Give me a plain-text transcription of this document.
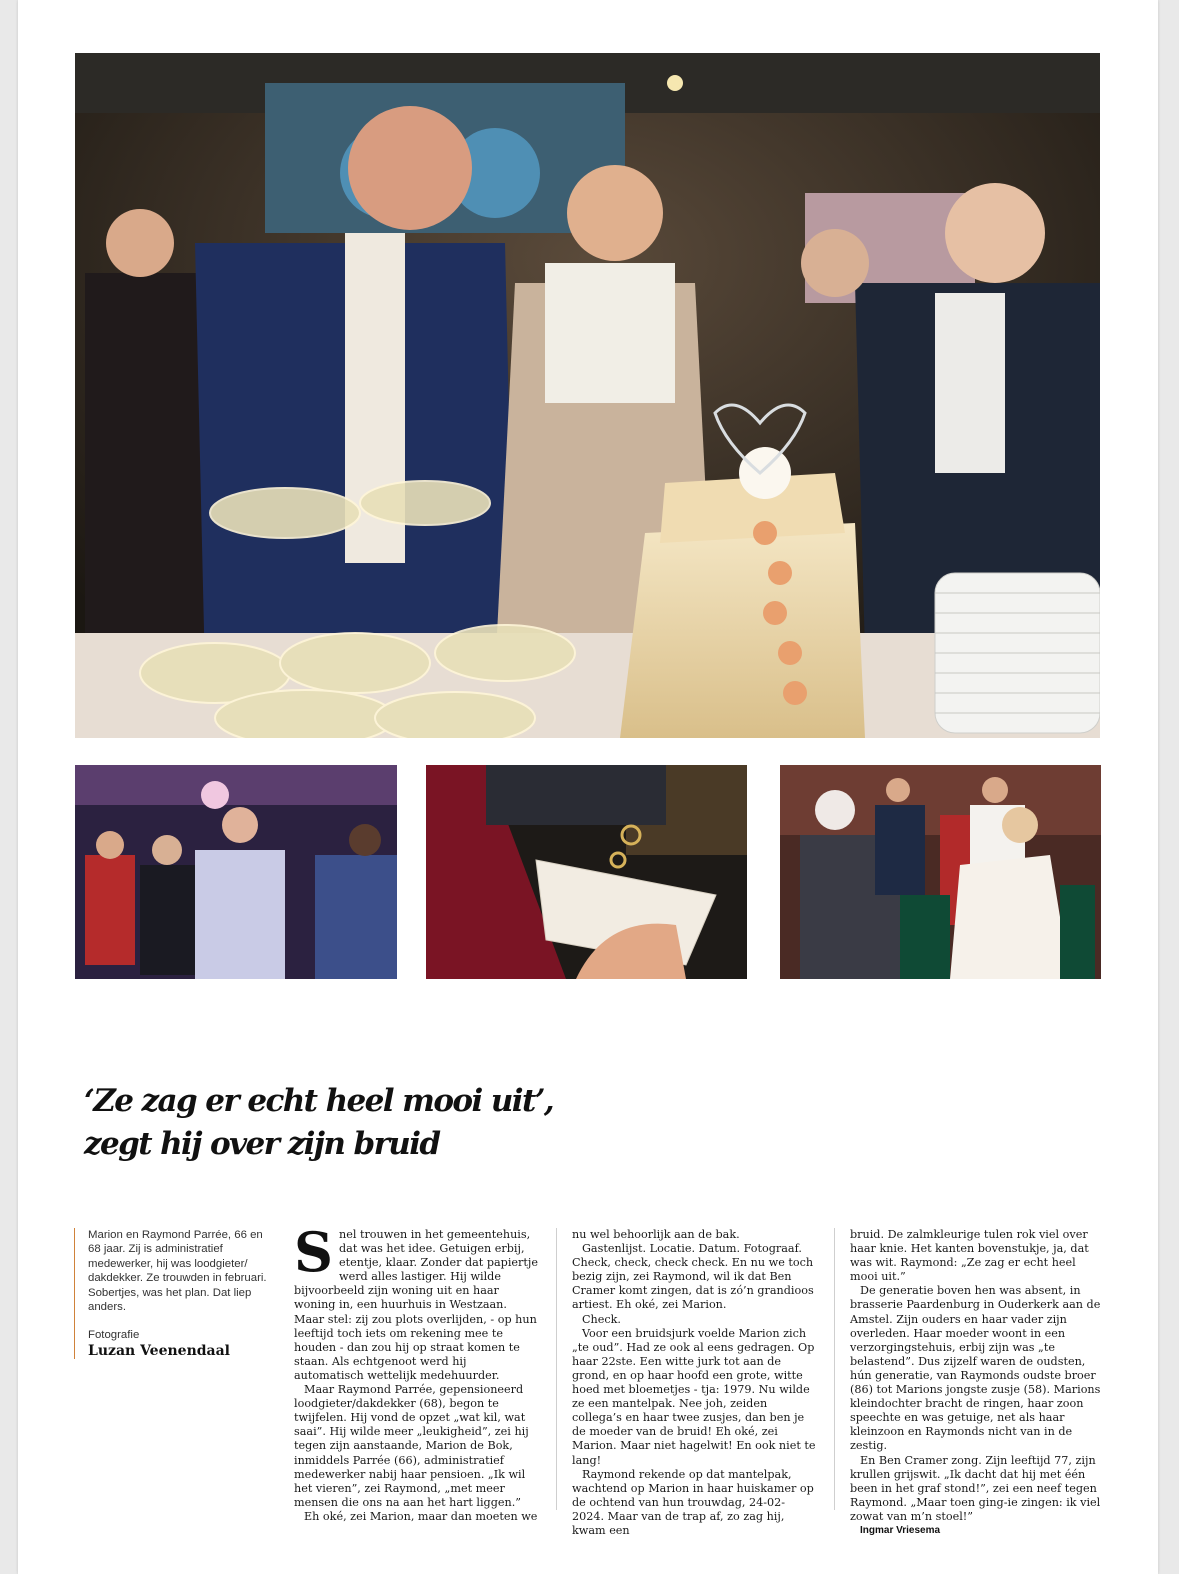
‘Ze zag er echt heel mooi uit’,
zegt hij over zijn bruid

Marion en Raymond Parrée, 66 en 68 jaar. Zij is administratief medewerker, hij was loodgieter/ dakdekker. Ze trouwden in februari. Sobertjes, was het plan. Dat liep anders.

Fotografie
Luzan Veenendaal

Snel trouwen in het gemeentehuis, dat was het idee. Getuigen erbij, etentje, klaar. Zonder dat papiertje werd alles lastiger. Hij wilde bijvoorbeeld zijn woning uit en haar woning in, een huurhuis in Westzaan. Maar stel: zij zou plots overlijden, - op hun leeftijd toch iets om rekening mee te houden - dan zou hij op straat komen te staan. Als echtgenoot werd hij automatisch wettelijk medehuurder.

Maar Raymond Parrée, gepensioneerd loodgieter/dakdekker (68), begon te twijfelen. Hij vond de opzet „wat kil, wat saai”. Hij wilde meer „leukigheid”, zei hij tegen zijn aanstaande, Marion de Bok, inmiddels Parrée (66), administratief medewerker nabij haar pensioen. „Ik wil het vieren”, zei Raymond, „met meer mensen die ons na aan het hart liggen.”

Eh oké, zei Marion, maar dan moeten we

nu wel behoorlijk aan de bak.

Gastenlijst. Locatie. Datum. Fotograaf. Check, check, check check. En nu we toch bezig zijn, zei Raymond, wil ik dat Ben Cramer komt zingen, dat is zó’n grandioos artiest. Eh oké, zei Marion.

Check.

Voor een bruidsjurk voelde Marion zich „te oud”. Had ze ook al eens gedragen. Op haar 22ste. Een witte jurk tot aan de grond, en op haar hoofd een grote, witte hoed met bloemetjes - tja: 1979. Nu wilde ze een mantelpak. Nee joh, zeiden collega’s en haar twee zusjes, dan ben je de moeder van de bruid! Eh oké, zei Marion. Maar niet hagelwit! En ook niet te lang!

Raymond rekende op dat mantelpak, wachtend op Marion in haar huiskamer op de ochtend van hun trouwdag, 24-02-2024. Maar van de trap af, zo zag hij, kwam een

bruid. De zalmkleurige tulen rok viel over haar knie. Het kanten bovenstukje, ja, dat was wit. Raymond: „Ze zag er echt heel mooi uit.”

De generatie boven hen was absent, in brasserie Paardenburg in Ouderkerk aan de Amstel. Zijn ouders en haar vader zijn overleden. Haar moeder woont in een verzorgingstehuis, erbij zijn was „te belastend”. Dus zijzelf waren de oudsten, hún generatie, van Raymonds oudste broer (86) tot Marions jongste zusje (58). Marions kleindochter bracht de ringen, haar zoon speechte en was getuige, net als haar kleinzoon en Raymonds nicht van in de zestig.

En Ben Cramer zong. Zijn leeftijd 77, zijn krullen grijswit. „Ik dacht dat hij met één been in het graf stond!”, zei een neef tegen Raymond. „Maar toen ging-ie zingen: ik viel zowat van m’n stoel!”

Ingmar Vriesema
